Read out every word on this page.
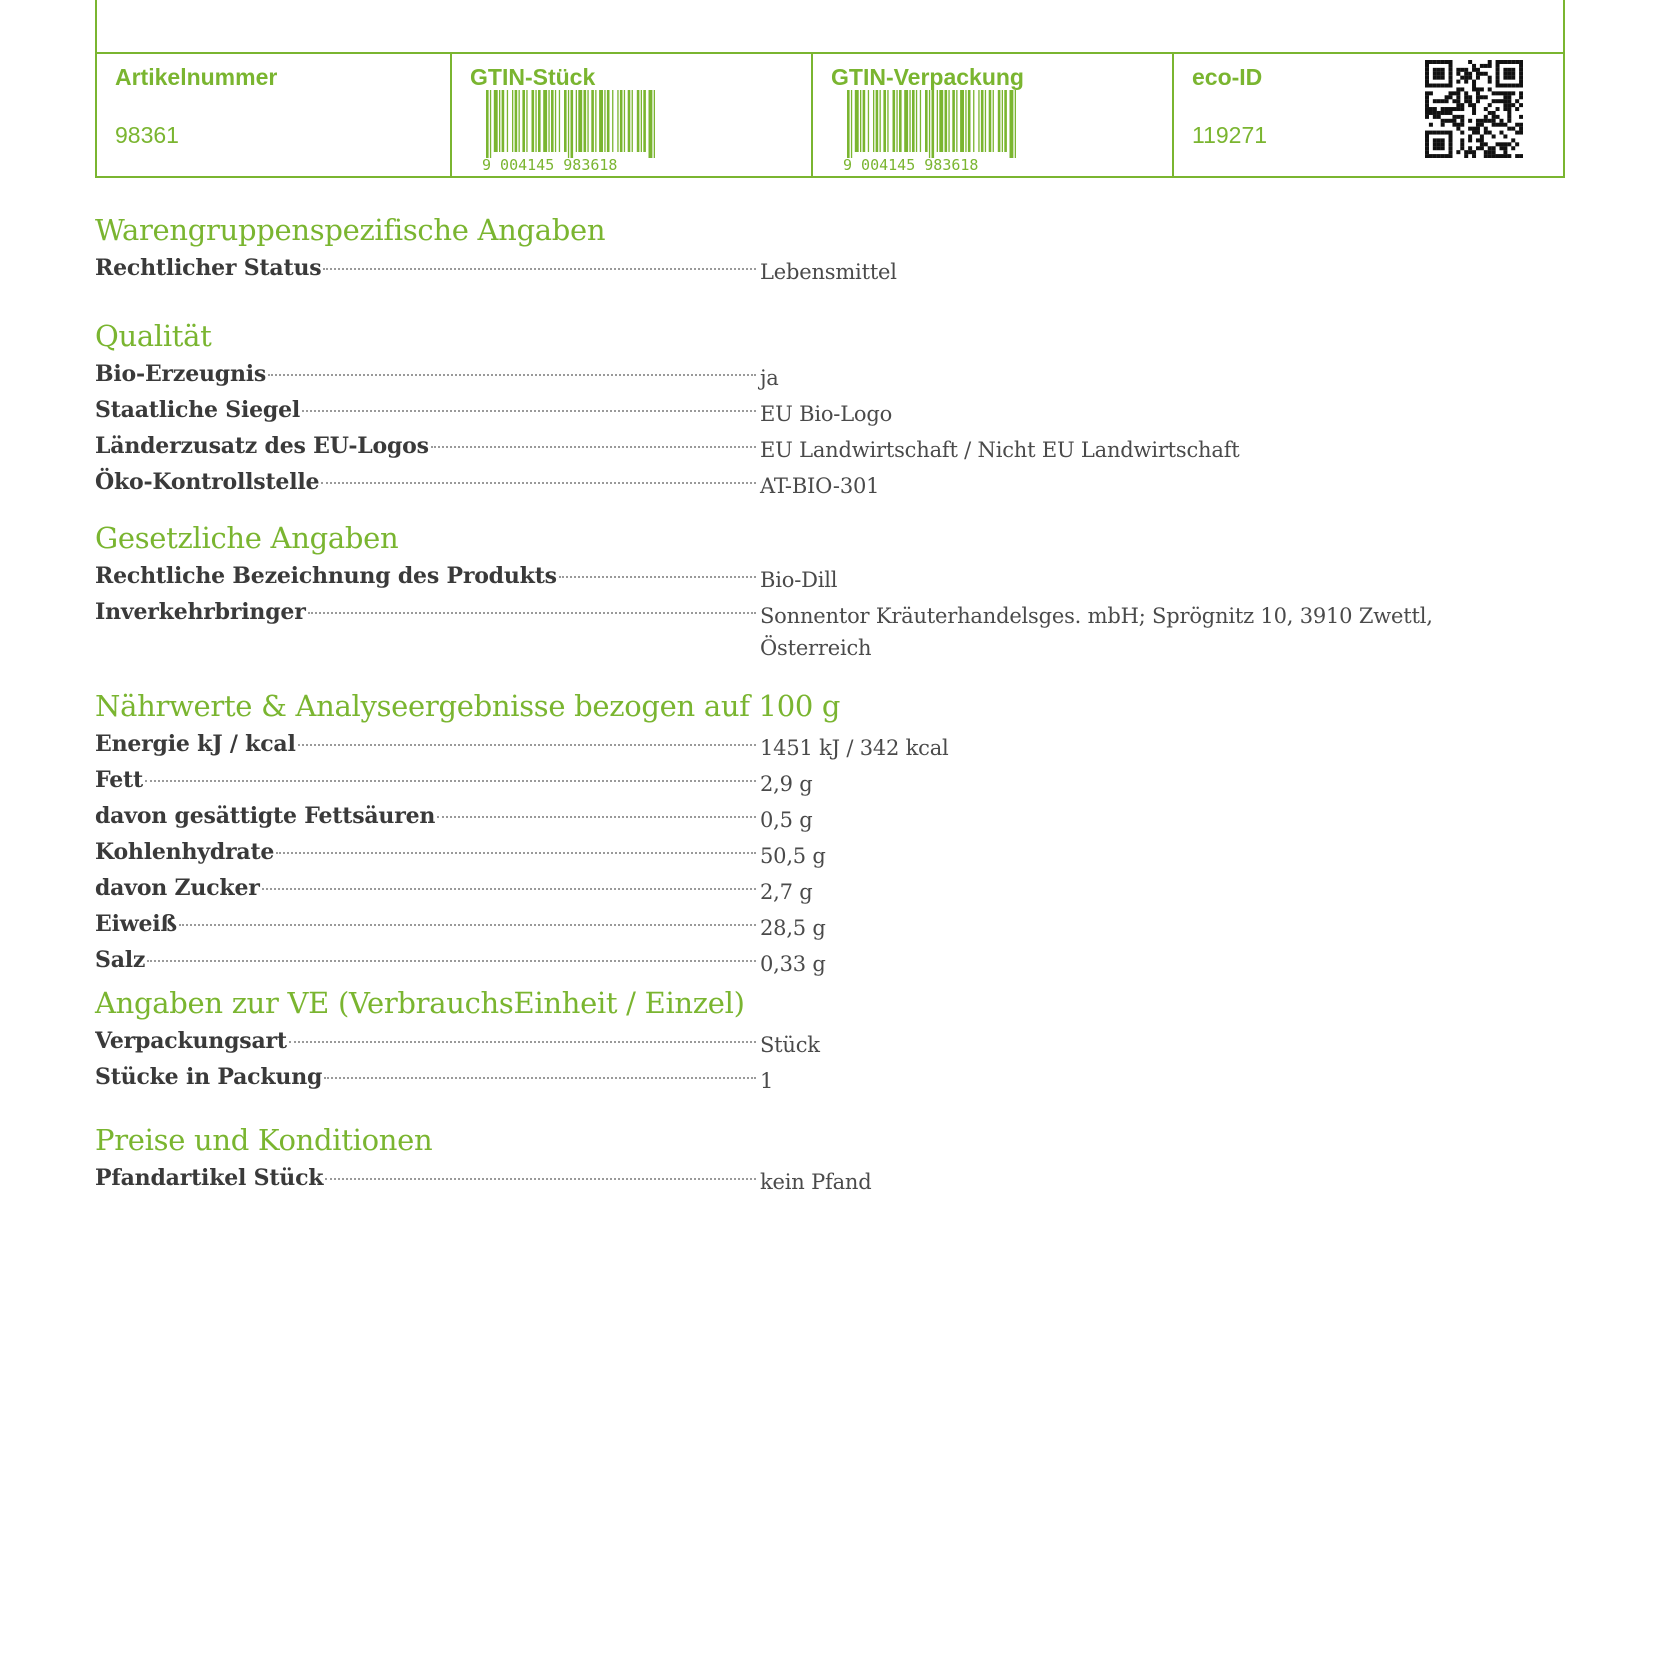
Artikelnummer
98361
GTIN-Stück
9 004145 983618
GTIN-Verpackung
9 004145 983618
eco-ID
119271
Warengruppenspezifische Angaben
Rechtlicher Status	Lebensmittel
Qualität
Bio-Erzeugnis	ja
Staatliche Siegel	EU Bio-Logo
Länderzusatz des EU-Logos	EU Landwirtschaft / Nicht EU Landwirtschaft
Öko-Kontrollstelle	AT-BIO-301
Gesetzliche Angaben
Rechtliche Bezeichnung des Produkts	Bio-Dill
Inverkehrbringer	Sonnentor Kräuterhandelsges. mbH; Sprögnitz 10, 3910 Zwettl, Österreich
Nährwerte & Analyseergebnisse bezogen auf 100 g
Energie kJ / kcal	1451 kJ / 342 kcal
Fett	2,9 g
davon gesättigte Fettsäuren	0,5 g
Kohlenhydrate	50,5 g
davon Zucker	2,7 g
Eiweiß	28,5 g
Salz	0,33 g
Angaben zur VE (VerbrauchsEinheit / Einzel)
Verpackungsart	Stück
Stücke in Packung	1
Preise und Konditionen
Pfandartikel Stück	kein Pfand
